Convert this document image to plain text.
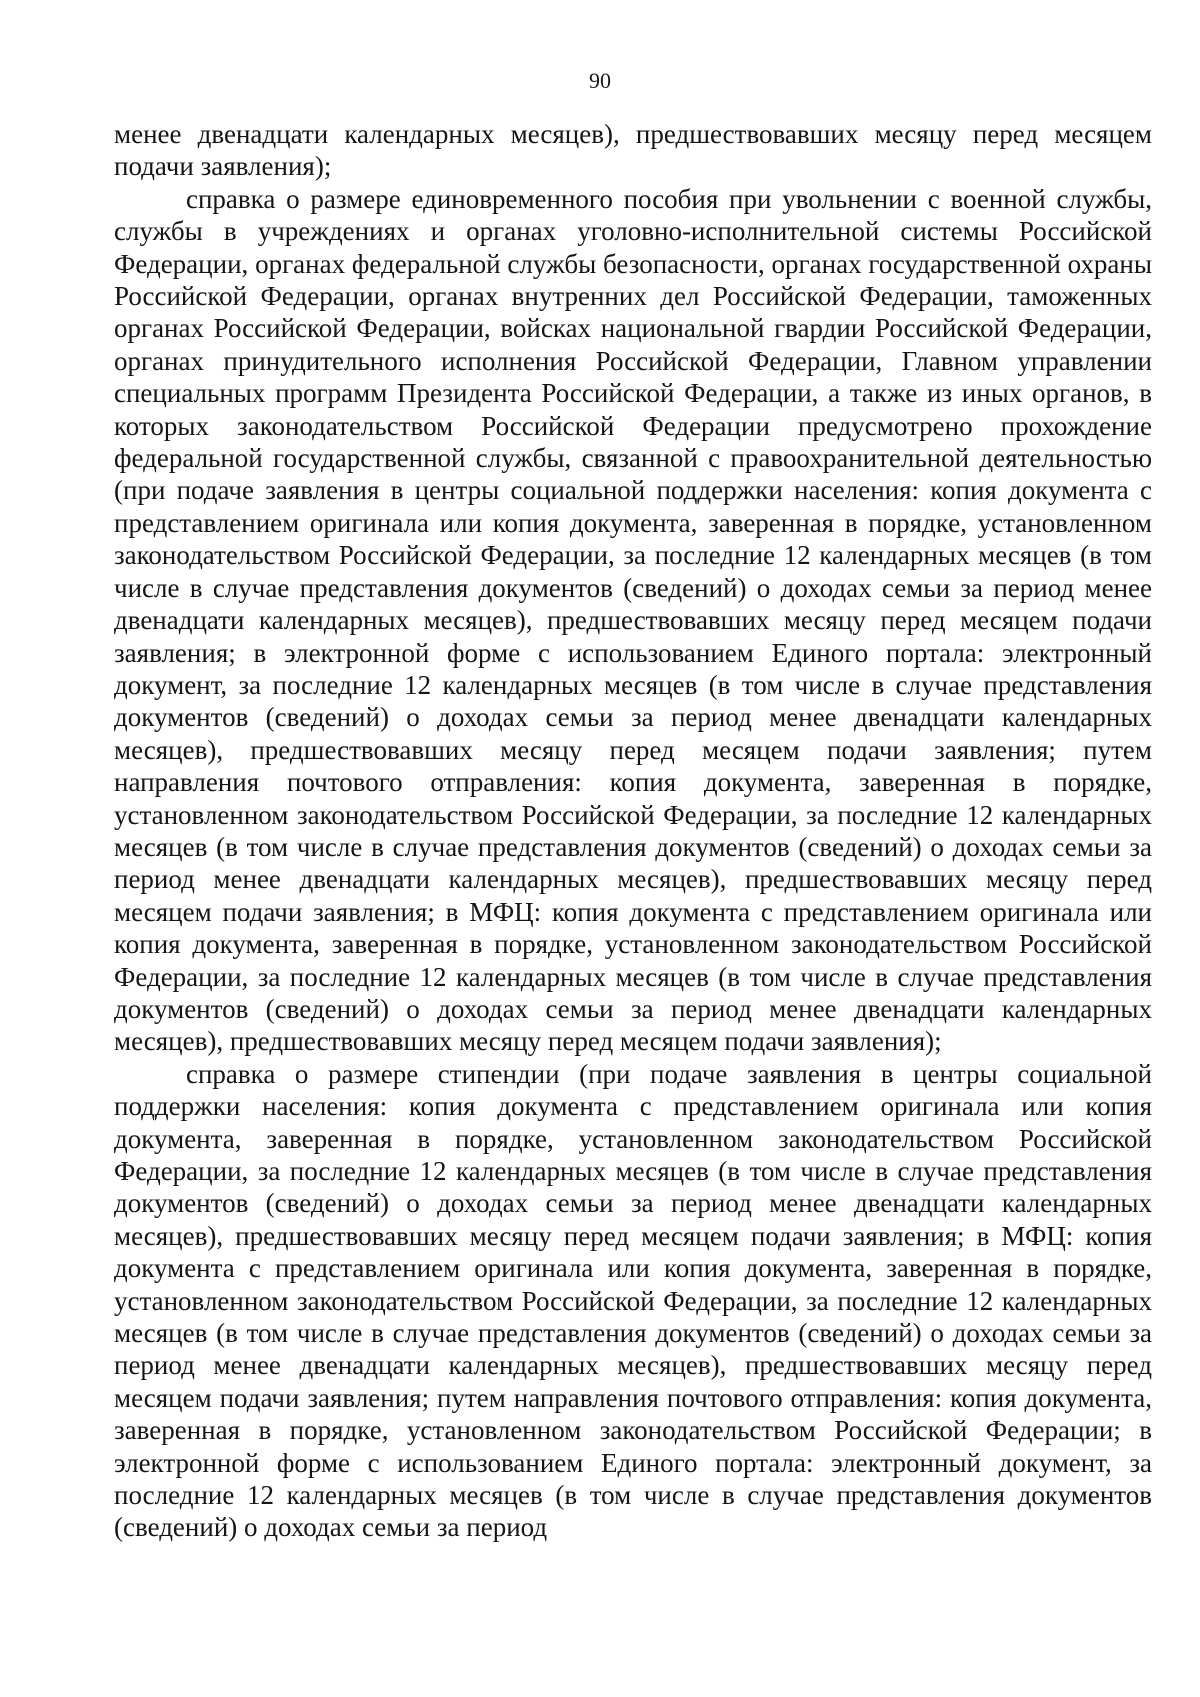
90

менее двенадцати календарных месяцев), предшествовавших месяцу перед месяцем подачи заявления);

справка о размере единовременного пособия при увольнении с военной службы, службы в учреждениях и органах уголовно-исполнительной системы Российской Федерации, органах федеральной службы безопасности, органах государственной охраны Российской Федерации, органах внутренних дел Российской Федерации, таможенных органах Российской Федерации, войсках национальной гвардии Российской Федерации, органах принудительного исполнения Российской Федерации, Главном управлении специальных программ Президента Российской Федерации, а также из иных органов, в которых законодательством Российской Федерации предусмотрено прохождение федеральной государственной службы, связанной с правоохранительной деятельностью (при подаче заявления в центры социальной поддержки населения: копия документа с представлением оригинала или копия документа, заверенная в порядке, установленном законодательством Российской Федерации, за последние 12 календарных месяцев (в том числе в случае представления документов (сведений) о доходах семьи за период менее двенадцати календарных месяцев), предшествовавших месяцу перед месяцем подачи заявления; в электронной форме с использованием Единого портала: электронный документ, за последние 12 календарных месяцев (в том числе в случае представления документов (сведений) о доходах семьи за период менее двенадцати календарных месяцев), предшествовавших месяцу перед месяцем подачи заявления; путем направления почтового отправления: копия документа, заверенная в порядке, установленном законодательством Российской Федерации, за последние 12 календарных месяцев (в том числе в случае представления документов (сведений) о доходах семьи за период менее двенадцати календарных месяцев), предшествовавших месяцу перед месяцем подачи заявления; в МФЦ: копия документа с представлением оригинала или копия документа, заверенная в порядке, установленном законодательством Российской Федерации, за последние 12 календарных месяцев (в том числе в случае представления документов (сведений) о доходах семьи за период менее двенадцати календарных месяцев), предшествовавших месяцу перед месяцем подачи заявления);

справка о размере стипендии (при подаче заявления в центры социальной поддержки населения: копия документа с представлением оригинала или копия документа, заверенная в порядке, установленном законодательством Российской Федерации, за последние 12 календарных месяцев (в том числе в случае представления документов (сведений) о доходах семьи за период менее двенадцати календарных месяцев), предшествовавших месяцу перед месяцем подачи заявления; в МФЦ: копия документа с представлением оригинала или копия документа, заверенная в порядке, установленном законодательством Российской Федерации, за последние 12 календарных месяцев (в том числе в случае представления документов (сведений) о доходах семьи за период менее двенадцати календарных месяцев), предшествовавших месяцу перед месяцем подачи заявления; путем направления почтового отправления: копия документа, заверенная в порядке, установленном законодательством Российской Федерации; в электронной форме с использованием Единого портала: электронный документ, за последние 12 календарных месяцев (в том числе в случае представления документов (сведений) о доходах семьи за период
